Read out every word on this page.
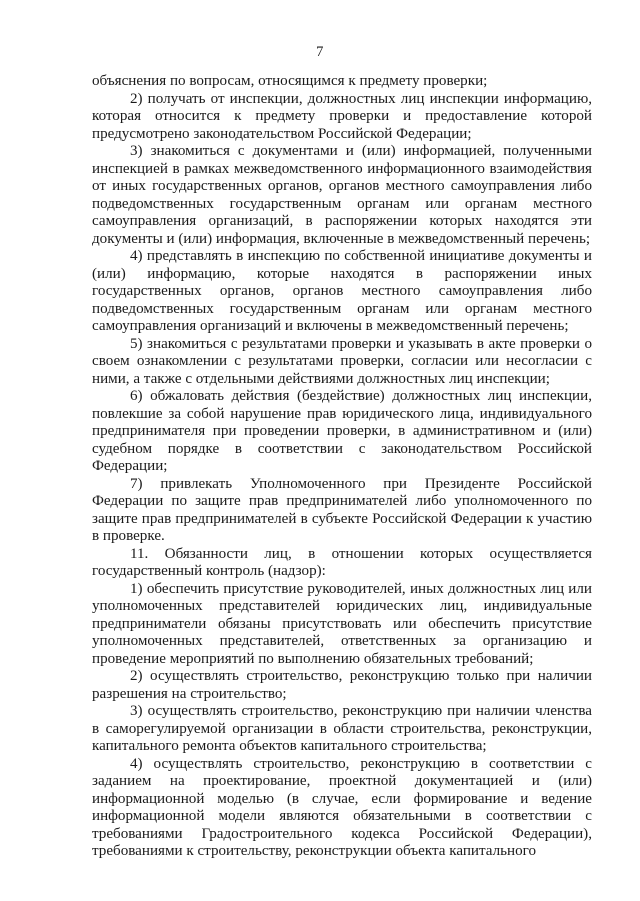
7

объяснения по вопросам, относящимся к предмету проверки;

2) получать от инспекции, должностных лиц инспекции информацию, которая относится к предмету проверки и предоставление которой предусмотрено законодательством Российской Федерации;

3) знакомиться с документами и (или) информацией, полученными инспекцией в рамках межведомственного информационного взаимодействия от иных государственных органов, органов местного самоуправления либо подведомственных государственным органам или органам местного самоуправления организаций, в распоряжении которых находятся эти документы и (или) информация, включенные в межведомственный перечень;

4) представлять в инспекцию по собственной инициативе документы и (или) информацию, которые находятся в распоряжении иных государственных органов, органов местного самоуправления либо подведомственных государственным органам или органам местного самоуправления организаций и включены в межведомственный перечень;

5) знакомиться с результатами проверки и указывать в акте проверки о своем ознакомлении с результатами проверки, согласии или несогласии с ними, а также с отдельными действиями должностных лиц инспекции;

6) обжаловать действия (бездействие) должностных лиц инспекции, повлекшие за собой нарушение прав юридического лица, индивидуального предпринимателя при проведении проверки, в административном и (или) судебном порядке в соответствии с законодательством Российской Федерации;

7) привлекать Уполномоченного при Президенте Российской Федерации по защите прав предпринимателей либо уполномоченного по защите прав предпринимателей в субъекте Российской Федерации к участию в проверке.

11. Обязанности лиц, в отношении которых осуществляется государственный контроль (надзор):

1) обеспечить присутствие руководителей, иных должностных лиц или уполномоченных представителей юридических лиц, индивидуальные предприниматели обязаны присутствовать или обеспечить присутствие уполномоченных представителей, ответственных за организацию и проведение мероприятий по выполнению обязательных требований;

2) осуществлять строительство, реконструкцию только при наличии разрешения на строительство;

3) осуществлять строительство, реконструкцию при наличии членства в саморегулируемой организации в области строительства, реконструкции, капитального ремонта объектов капитального строительства;

4) осуществлять строительство, реконструкцию в соответствии с заданием на проектирование, проектной документацией и (или) информационной моделью (в случае, если формирование и ведение информационной модели являются обязательными в соответствии с требованиями Градостроительного кодекса Российской Федерации), требованиями к строительству, реконструкции объекта капитального
